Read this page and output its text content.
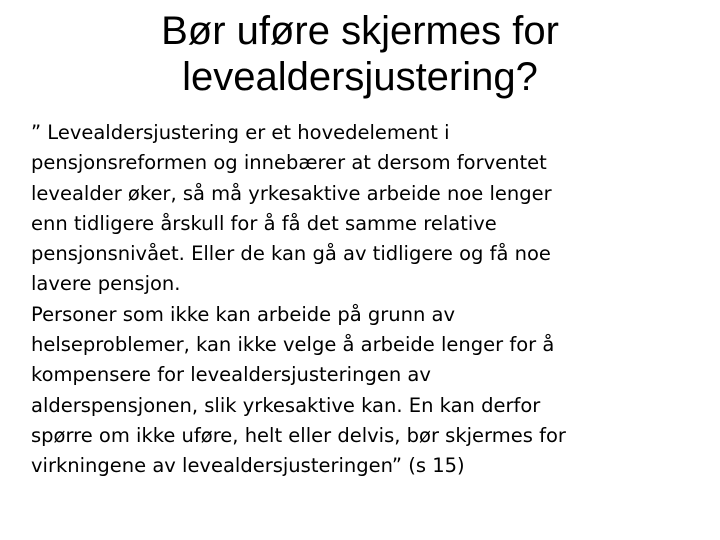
Bør uføre skjermes for
levealdersjustering?
” Levealdersjustering er et hovedelement i
pensjonsreformen og innebærer at dersom forventet
levealder øker, så må yrkesaktive arbeide noe lenger
enn tidligere årskull for å få det samme relative
pensjonsnivået. Eller de kan gå av tidligere og få noe
lavere pensjon.
Personer som ikke kan arbeide på grunn av
helseproblemer, kan ikke velge å arbeide lenger for å
kompensere for levealdersjusteringen av
alderspensjonen, slik yrkesaktive kan. En kan derfor
spørre om ikke uføre, helt eller delvis, bør skjermes for
virkningene av levealdersjusteringen” (s 15)
